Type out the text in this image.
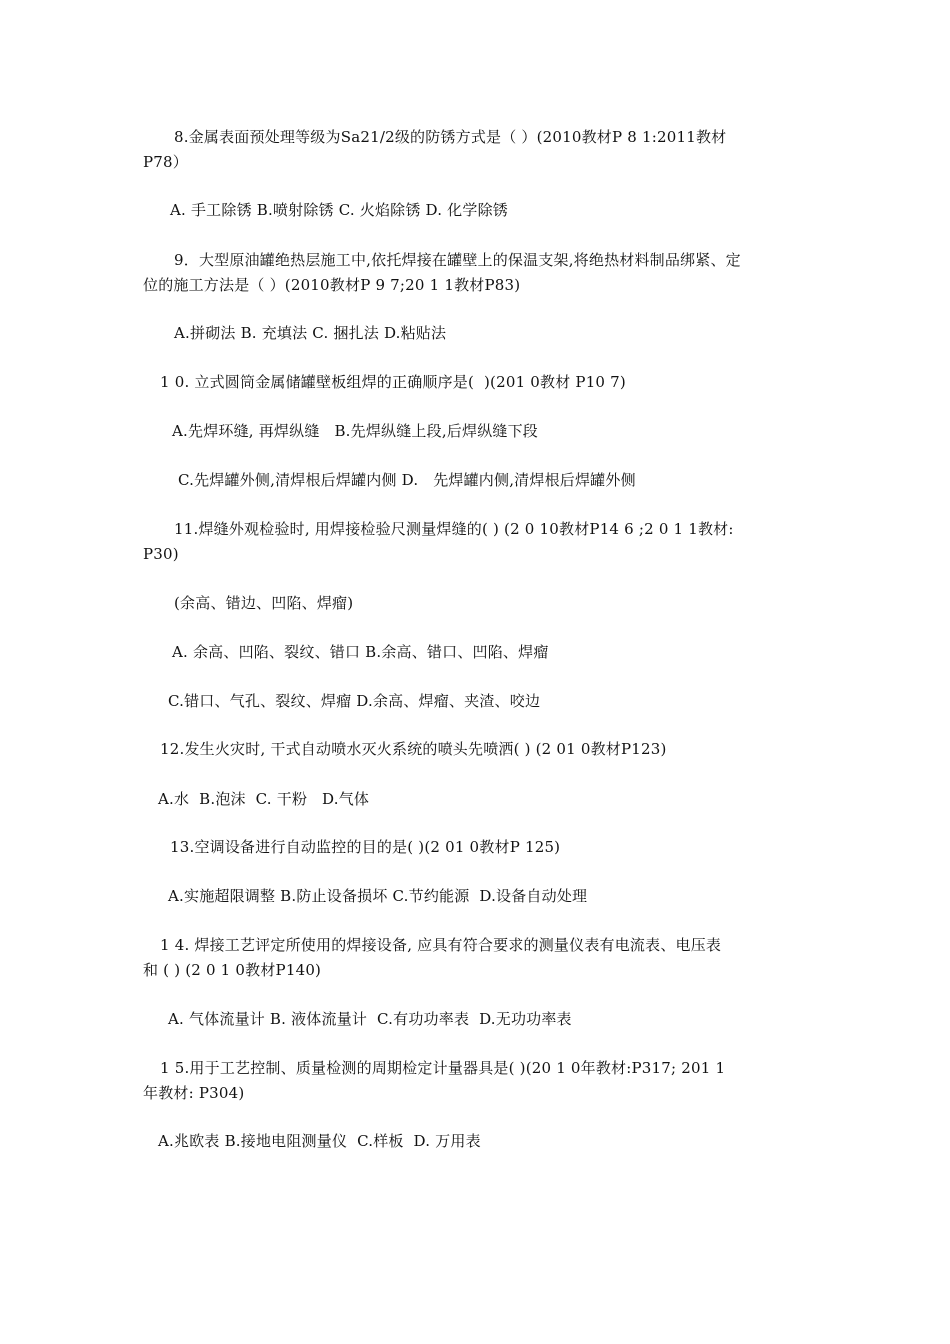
8.金属表面预处理等级为Sa21/2级的防锈方式是（ ）(2010教材P 8 1:2011教材
P78）
A. 手工除锈 B.喷射除锈 C. 火焰除锈 D. 化学除锈
9．大型原油罐绝热层施工中,依托焊接在罐壁上的保温支架,将绝热材料制品绑紧、定
位的施工方法是（ ）(2010教材P 9 7;20 1 1教材P83)
A.拼砌法 B. 充填法 C. 捆扎法 D.粘贴法
1 0. 立式圆筒金属储罐壁板组焊的正确顺序是(  )(201 0教材 P10 7)
A.先焊环缝, 再焊纵缝   B.先焊纵缝上段,后焊纵缝下段
C.先焊罐外侧,清焊根后焊罐内侧 D.   先焊罐内侧,清焊根后焊罐外侧
11.焊缝外观检验时, 用焊接检验尺测量焊缝的( ) (2 0 10教材P14 6 ;2 0 1 1教材:
P30)
(余高、错边、凹陷、焊瘤)
A. 余高、凹陷、裂纹、错口 B.余高、错口、凹陷、焊瘤
C.错口、气孔、裂纹、焊瘤 D.余高、焊瘤、夹渣、咬边
12.发生火灾时, 干式自动喷水灭火系统的喷头先喷洒( ) (2 01 0教材P123)
A.水  B.泡沫  C. 干粉   D.气体
13.空调设备进行自动监控的目的是( )(2 01 0教材P 125)
A.实施超限调整 B.防止设备损坏 C.节约能源  D.设备自动处理
1 4. 焊接工艺评定所使用的焊接设备, 应具有符合要求的测量仪表有电流表、电压表
和 ( ) (2 0 1 0教材P140)
A. 气体流量计 B. 液体流量计  C.有功功率表  D.无功功率表
1 5.用于工艺控制、质量检测的周期检定计量器具是( )(20 1 0年教材:P317; 201 1
年教材: P304)
A.兆欧表 B.接地电阻测量仪  C.样板  D. 万用表
